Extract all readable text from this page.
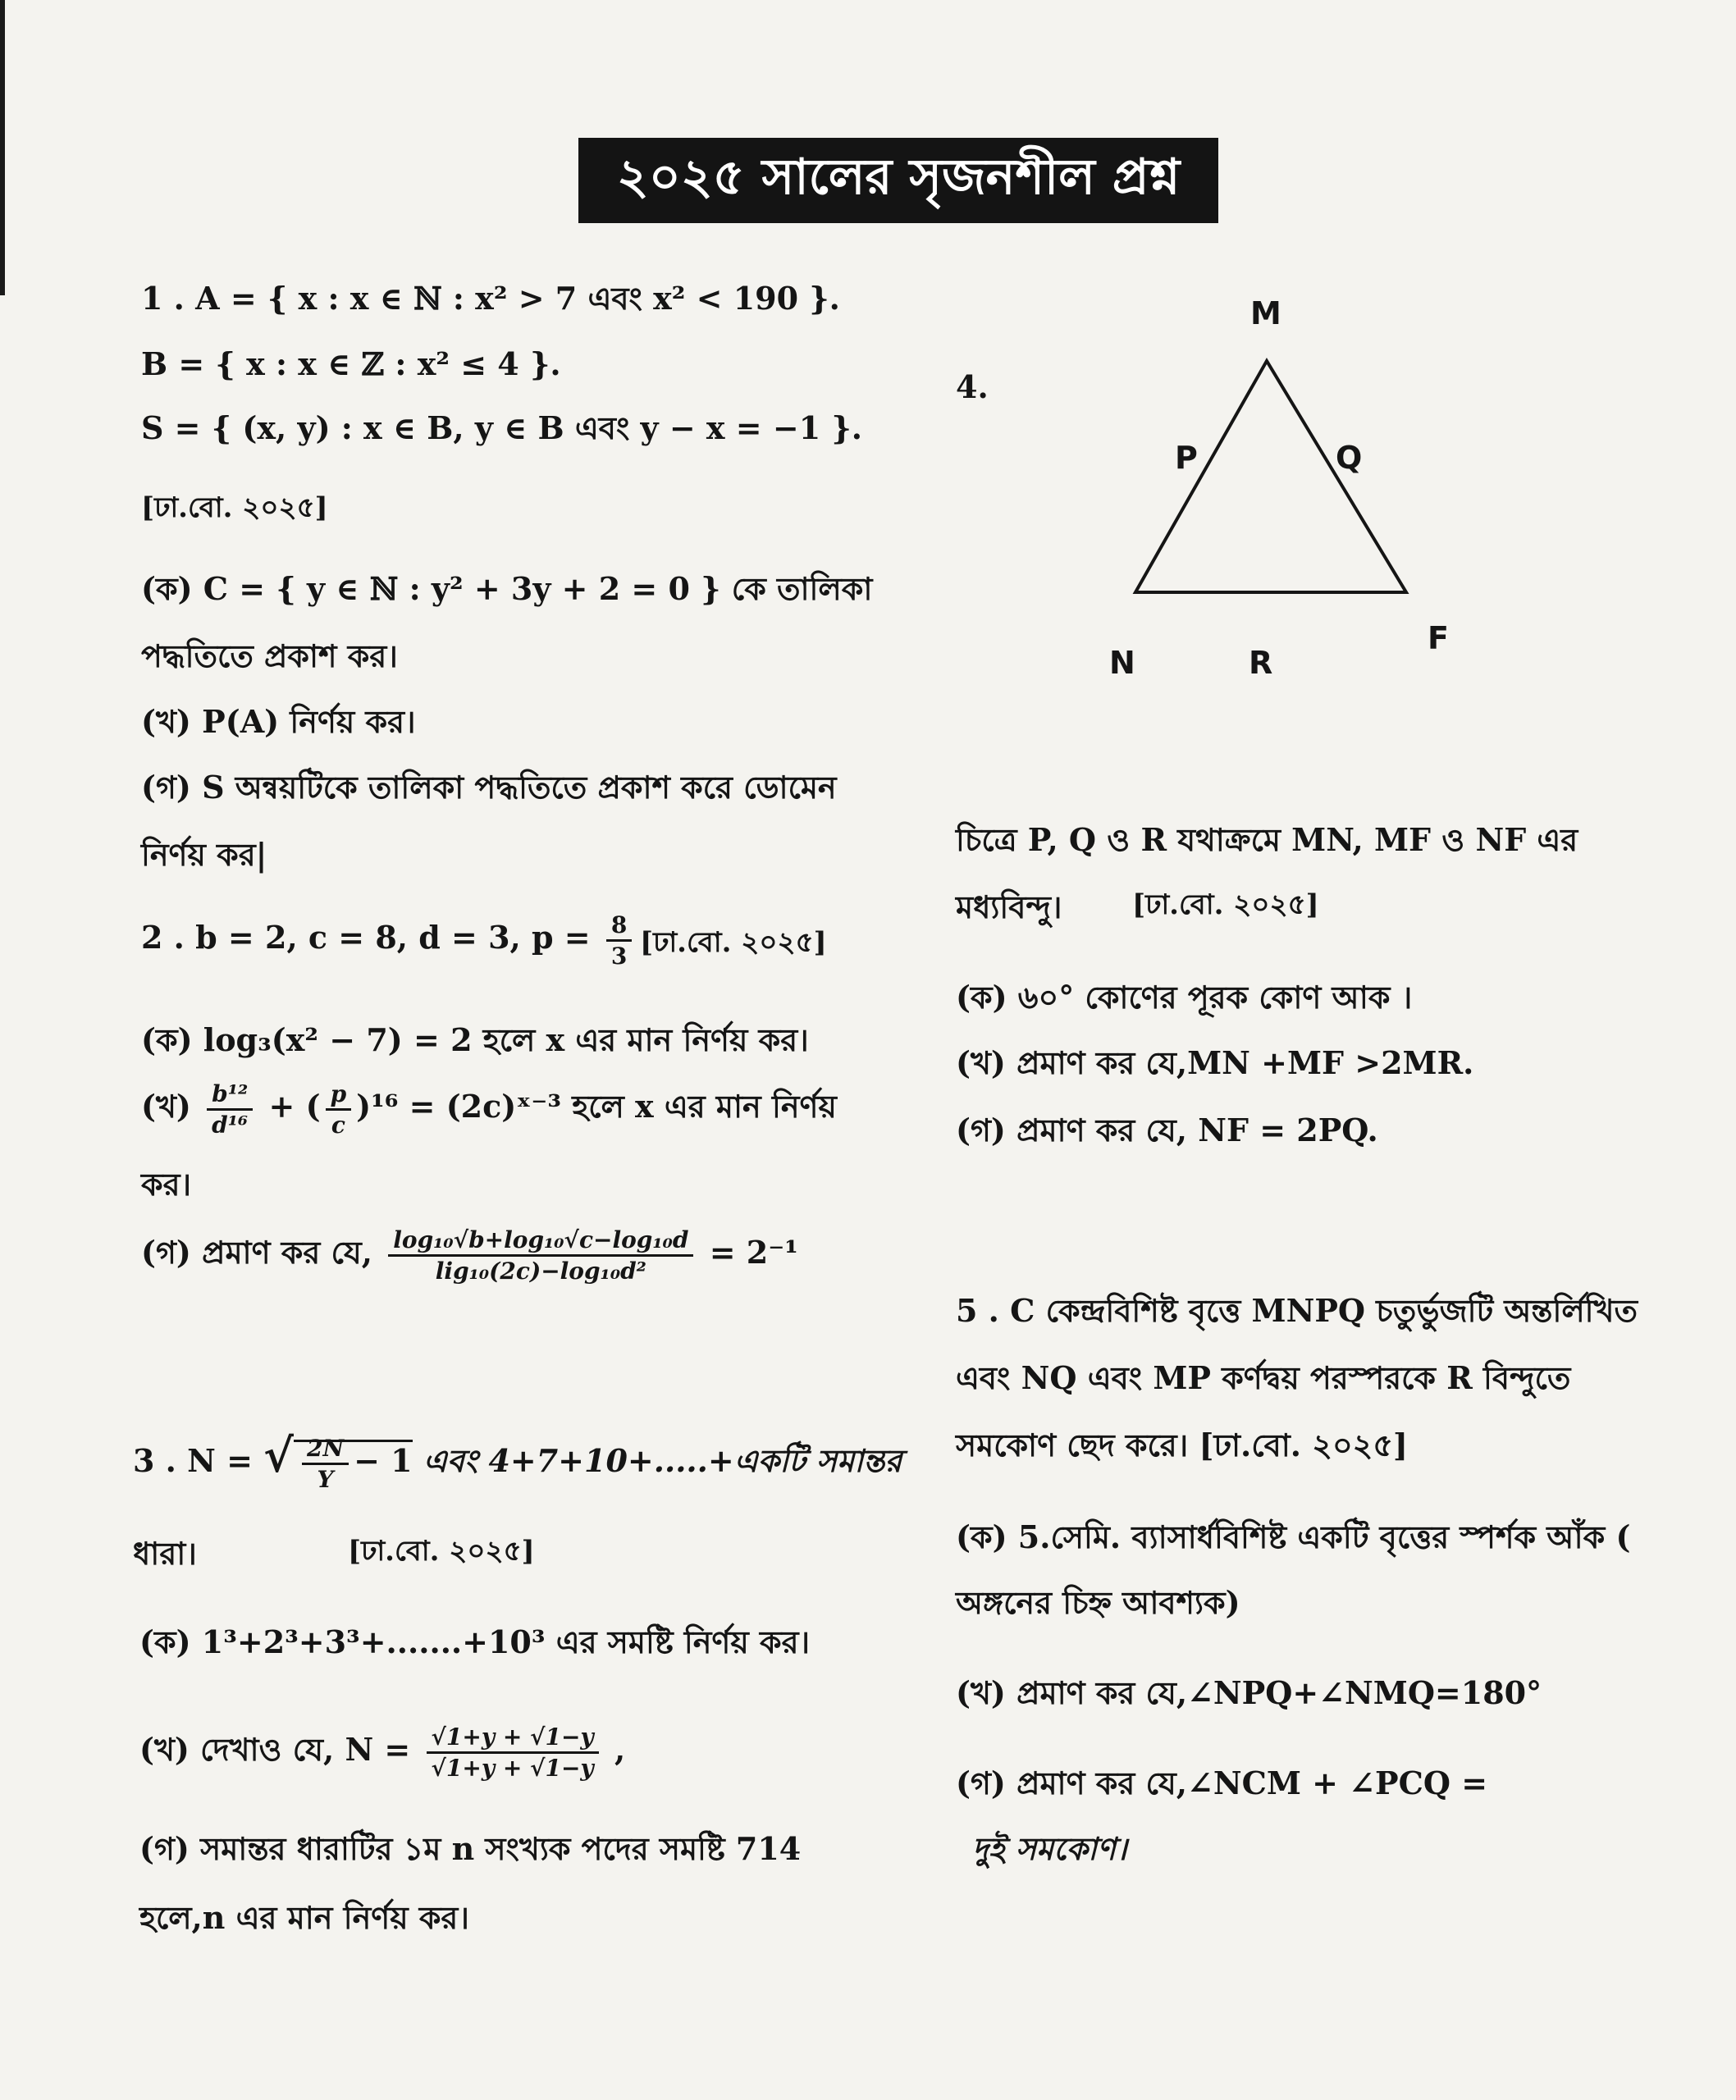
২০২৫ সালের সৃজনশীল প্রশ্ন
1 . A = { x : x ∈ ℕ : x² > 7 এবং x² < 190 }.
B = { x : x ∈ ℤ : x² ≤ 4 }.
S = { (x, y) : x ∈ B, y ∈ B এবং y − x = −1 }.
[ঢা.বো. ২০২৫]
(ক) C = { y ∈ ℕ : y² + 3y + 2 = 0 } কে তালিকা
পদ্ধতিতে প্রকাশ কর।
(খ) P(A) নির্ণয় কর।
(গ) S অন্বয়টিকে তালিকা পদ্ধতিতে প্রকাশ করে ডোমেন
নির্ণয় কর|
2 . b = 2, c = 8, d = 3, $p = \frac{8}{3}$ [ঢা.বো. ২০২৫]
(ক) log₃(x² − 7) = 2 হলে x এর মান নির্ণয় কর।
(খ) $\frac{\text{b¹²}}{\text{d¹⁶}}$ + ( $\frac{p}{c} )^{16}$ = (2c)ˣ⁻³ হলে x এর মান নির্ণয়
কর।
(গ) প্রমাণ কর যে, $\frac{\text{log₁₀√b+log₁₀√c−log₁₀d}}{\text{lig₁₀(2c)−log₁₀d²}} = 2^{-1}$
3 . N = √ $\frac{2N}{Y} - 1$ এবং 4+7+10+.....+একটি সমান্তর
ধারা।	[ঢা.বো. ২০২৫]
(ক) 1³+2³+3³+.......+10³ এর সমষ্টি নির্ণয় কর।
(খ) দেখাও যে, $N = \frac{√1+y + √1-y}{√1+y + √1-y}$ ,
(গ) সমান্তর ধারাটির ১ম n সংখ্যক পদের সমষ্টি 714
হলে,n এর মান নির্ণয় কর।
4.
M
P	Q
N	R
F
চিত্রে P, Q ও R যথাক্রমে MN, MF ও NF এর
মধ্যবিন্দু।	[ঢা.বো. ২০২৫]
(ক) ৬০° কোণের পূরক কোণ আক ।
(খ) প্রমাণ কর যে,MN +MF >2MR.
(গ) প্রমাণ কর যে, NF = 2PQ.
5 . C কেন্দ্রবিশিষ্ট বৃত্তে MNPQ চতুর্ভুজটি অন্তর্লিখিত
এবং NQ এবং MP কর্ণদ্বয় পরস্পরকে R বিন্দুতে
সমকোণ ছেদ করে। [ঢা.বো. ২০২৫]
(ক) 5.সেমি. ব্যাসার্ধবিশিষ্ট একটি বৃত্তের স্পর্শক আঁক (
অঙ্গনের চিহ্ন আবশ্যক)
(খ) প্রমাণ কর যে,∠NPQ+∠NMQ=180°
(গ) প্রমাণ কর যে,∠NCM + ∠PCQ =
দুই সমকোণ।
